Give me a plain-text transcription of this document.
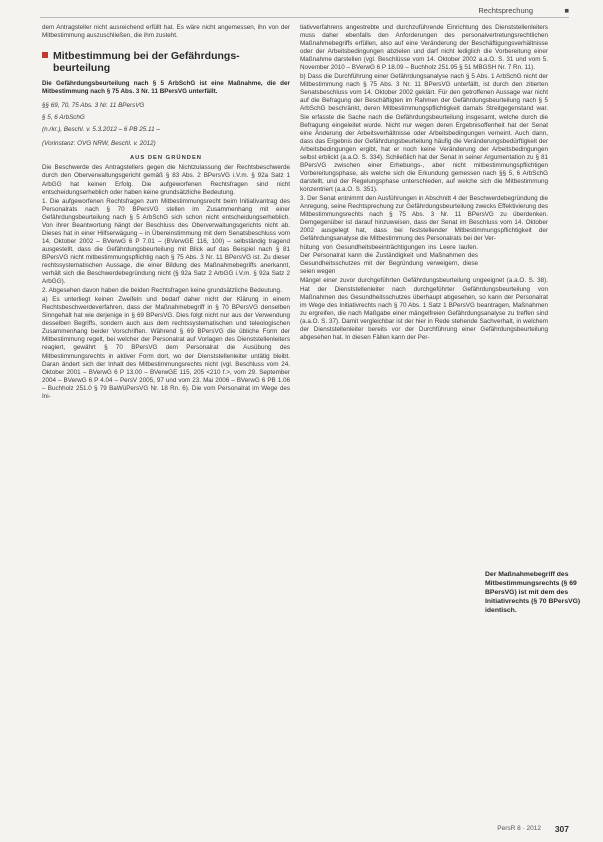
Rechtsprechung	■

dem Antragsteller nicht ausreichend erfüllt hat. Es wäre nicht angemessen, ihn von der Mitbestimmung auszuschließen, die ihm zusteht.

Mitbestimmung bei der Gefährdungs-
beurteilung

Die Gefährdungsbeurteilung nach § 5 ArbSchG ist eine Maßnahme, die der Mitbestimmung nach § 75 Abs. 3 Nr. 11 BPersVG unterfällt.

§§ 69, 70, 75 Abs. 3 Nr. 11 BPersVG

§ 5, 6 ArbSchG

(n.rkr.), Beschl. v. 5.3.2012 – 6 PB 25.11 –

(Vorinstanz: OVG NRW, Beschl. v. 2012)

AUS DEN GRÜNDEN

Die Beschwerde des Antragstellers gegen die Nichtzulassung der Rechtsbeschwerde durch den Oberverwaltungsgericht gemäß § 83 Abs. 2 BPersVG i.V.m. § 92a Satz 1 ArbGG hat keinen Erfolg. Die aufgeworfenen Rechtsfragen sind nicht entscheidungserheblich oder haben keine grundsätzliche Bedeutung.

1. Die aufgeworfenen Rechtsfragen zum Mitbestimmungsrecht beim Initiativantrag des Personalrats nach § 70 BPersVG stellen im Zusammenhang mit einer Gefährdungsbeurteilung nach § 5 ArbSchG sich schon nicht entscheidungserheblich. Von ihrer Beantwortung hängt der Beschluss des Oberverwaltungsgerichts nicht ab. Dieses hat in einer Hilfserwägung – in Übereinstimmung mit dem Senatsbeschluss vom 14. Oktober 2002 – BVerwG 6 P 7.01 – (BVerwGE 116, 100) – selbständig tragend ausgestellt, dass die Gefährdungsbeurteilung mit Blick auf das Beispiel nach § 81 BPersVG nicht mitbestimmungspflichtig nach § 75 Abs. 3 Nr. 11 BPersVG ist. Zu dieser rechtssystematischen Aussage, die einer Bildung des Maßnahmebegriffs anerkannt, verhält sich die Beschwerdebegründung nicht (§ 92a Satz 2 ArbGG i.V.m. § 92a Satz 2 ArbGG).

2. Abgesehen davon haben die beiden Rechtsfragen keine grundsätzliche Bedeutung.

a) Es unterliegt keinen Zweifeln und bedarf daher nicht der Klärung in einem Rechtsbeschwerdeverfahren, dass der Maßnahmebegriff in § 70 BPersVG denselben Sinngehalt hat wie derjenige in § 69 BPersVG. Dies folgt nicht nur aus der Verwendung desselben Begriffs, sondern auch aus dem rechtssystematischen und teleologischen Zusammenhang beider Vorschriften. Während § 69 BPersVG die übliche Form der Mitbestimmung regelt, bei welcher der Personalrat auf Vorlagen des Dienststellenleiters reagiert, gewährt § 70 BPersVG dem Personalrat die Ausübung des Mitbestimmungsrechts in aktiver Form dort, wo der Dienststellenleiter untätig bleibt. Daran ändert sich der Inhalt des Mitbestimmungsrechts nicht (vgl. Beschluss vom 24. Oktober 2001 – BVerwG 6 P 13.00 – BVerwGE 115, 205 <210 f.>, vom 29. September 2004 – BVerwG 6 P 4.04 – PersV 2005, 97 und vom 23. Mai 2006 – BVerwG 6 PB 1.06 – Buchholz 251.0 § 79 BaWüPersVG Nr. 18 Rn. 6). Die vom Personalrat im Wege des Ini-

tiativverfahrens angestrebte und durchzuführende Einrichtung des Dienststellenleiters muss daher ebenfalls den Anforderungen des personalvertretungsrechtlichen Maßnahmebegriffs erfüllen, also auf eine Veränderung der Beschäftigungsverhältnisse oder der Arbeitsbedingungen abzielen und darf nicht lediglich die Vorbereitung einer Maßnahme darstellen (vgl. Beschlüsse vom 14. Oktober 2002 a.a.O. S. 31 und vom 5. November 2010 – BVerwG 6 P 18.09 – Buchholz 251.95 § 51 MBGSH Nr. 7 Rn. 11).

b) Dass die Durchführung einer Gefährdungsanalyse nach § 5 Abs. 1 ArbSchG nicht der Mitbestimmung nach § 75 Abs. 3 Nr. 11 BPersVG unterfällt, ist durch den zitierten Senatsbeschluss vom 14. Oktober 2002 geklärt. Für den getroffenen Aussage war nicht auf die Befragung der Beschäftigten im Rahmen der Gefährdungsbeurteilung nach § 5 ArbSchG beschränkt, deren Mitbestimmungspflichtigkeit damals Streitgegenstand war. Sie erfasste die Sache nach die Gefährdungsbeurteilung insgesamt, welche durch die Befragung eingeleitet wurde. Nicht nur wegen deren Ergebnisoffenheit hat der Senat eine Änderung der Arbeitsverhältnisse oder Arbeitsbedingungen verneint. Auch dann, dass das Ergebnis der Gefährdungsbeurteilung häufig die Veränderungsbedürftigkeit der Arbeitsbedingungen ergibt, hat er noch keine Veränderung der Arbeitsbedingungen selbst erblickt (a.a.O. S. 334). Schließlich hat der Senat in seiner Argumentation zu § 81 BPersVG zwischen einer Erhebungs-, aber nicht mitbestimmungspflichtigen Vorbereitungsphase, als welche sich die Erkundung gemessen nach §§ 5, 6 ArbSchG darstellt, und der Regelungsphase unterschieden, auf welche sich die Mitbestimmung konzentriert (a.a.O. S. 351).

3. Der Senat entnimmt den Ausführungen in Abschnitt 4 der Beschwerdebegründung die Anregung, seine Rechtsprechung zur Gefährdungsbeurteilung zwecks Effektivierung des Mitbestimmungsrechts nach § 75 Abs. 3 Nr. 11 BPersVG zu überdenken. Demgegenüber ist darauf hinzuweisen, dass der Senat im Beschluss vom 14. Oktober 2002 ausgelegt hat, dass bei feststellender Mitbestimmungspflichtigkeit der Gefährdungsanalyse die Mitbestimmung des Personalrats bei der Ver-

hütung von Gesundheitsbeeinträchtigungen ins Leere laufen. Der Personalrat kann die Zuständigkeit und Maßnahmen des Gesundheitsschutzes mit der Begründung verweigern, diese seien wegen

Mängel einer zuvor durchgeführten Gefährdungsbeurteilung ungeeignet (a.a.O. S. 38). Hat der Dienststellenleiter nach durchgeführter Gefährdungsbeurteilung von Maßnahmen des Gesundheitsschutzes überhaupt abgesehen, so kann der Personalrat im Wege des Initiativrechts nach § 70 Abs. 1 Satz 1 BPersVG beantragen, Maßnahmen zu ergreifen, die nach Maßgabe einer mängelfreien Gefährdungsanalyse zu treffen sind (a.a.O. S. 37). Damit vergleichbar ist der hier in Rede stehende Sachverhalt, in welchem der Dienststellenleiter bereits vor der Durchführung einer Gefährdungsbeurteilung abgesehen hat. In diesen Fällen kann der Per-

Der Maßnahmebegriff des Mitbestimmungsrechts (§ 69 BPersVG) ist mit dem des Initiativrechts (§ 70 BPersVG) identisch.
PersR 8 · 2012 307
